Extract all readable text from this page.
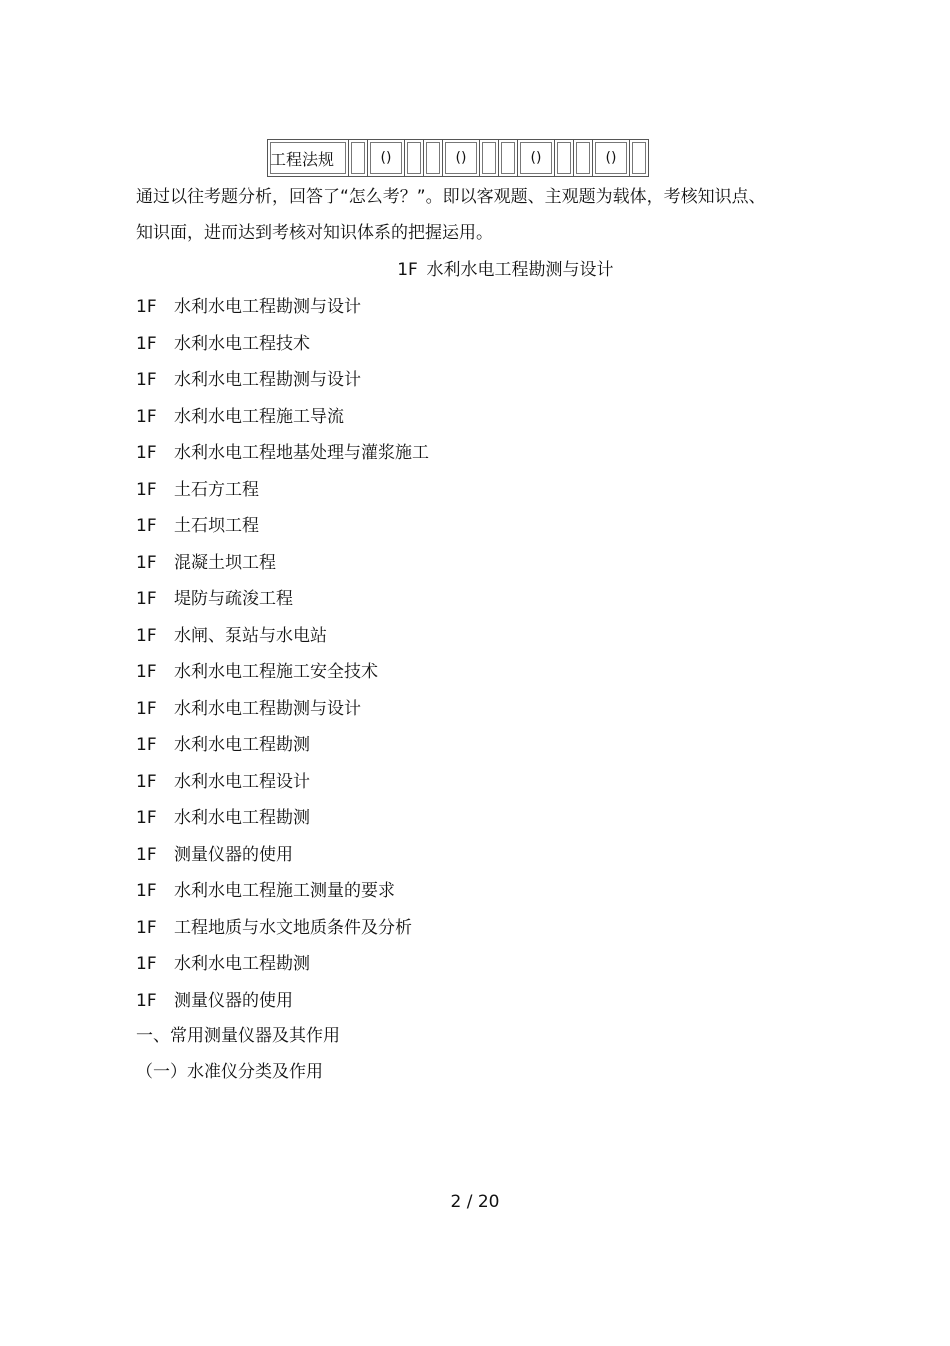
工程法规		()			()			()			()	

通过以往考题分析，回答了“怎么考？”。即以客观题、主观题为载体，考核知识点、知识面，进而达到考核对知识体系的把握运用。

1F 水利水电工程勘测与设计

1F 水利水电工程勘测与设计
1F 水利水电工程技术
1F 水利水电工程勘测与设计
1F 水利水电工程施工导流
1F 水利水电工程地基处理与灌浆施工
1F 土石方工程
1F 土石坝工程
1F 混凝土坝工程
1F 堤防与疏浚工程
1F 水闸、泵站与水电站
1F 水利水电工程施工安全技术
1F 水利水电工程勘测与设计
1F 水利水电工程勘测
1F 水利水电工程设计
1F 水利水电工程勘测
1F 测量仪器的使用
1F 水利水电工程施工测量的要求
1F 工程地质与水文地质条件及分析
1F 水利水电工程勘测
1F 测量仪器的使用

一、常用测量仪器及其作用

（一）水准仪分类及作用

2 / 20
